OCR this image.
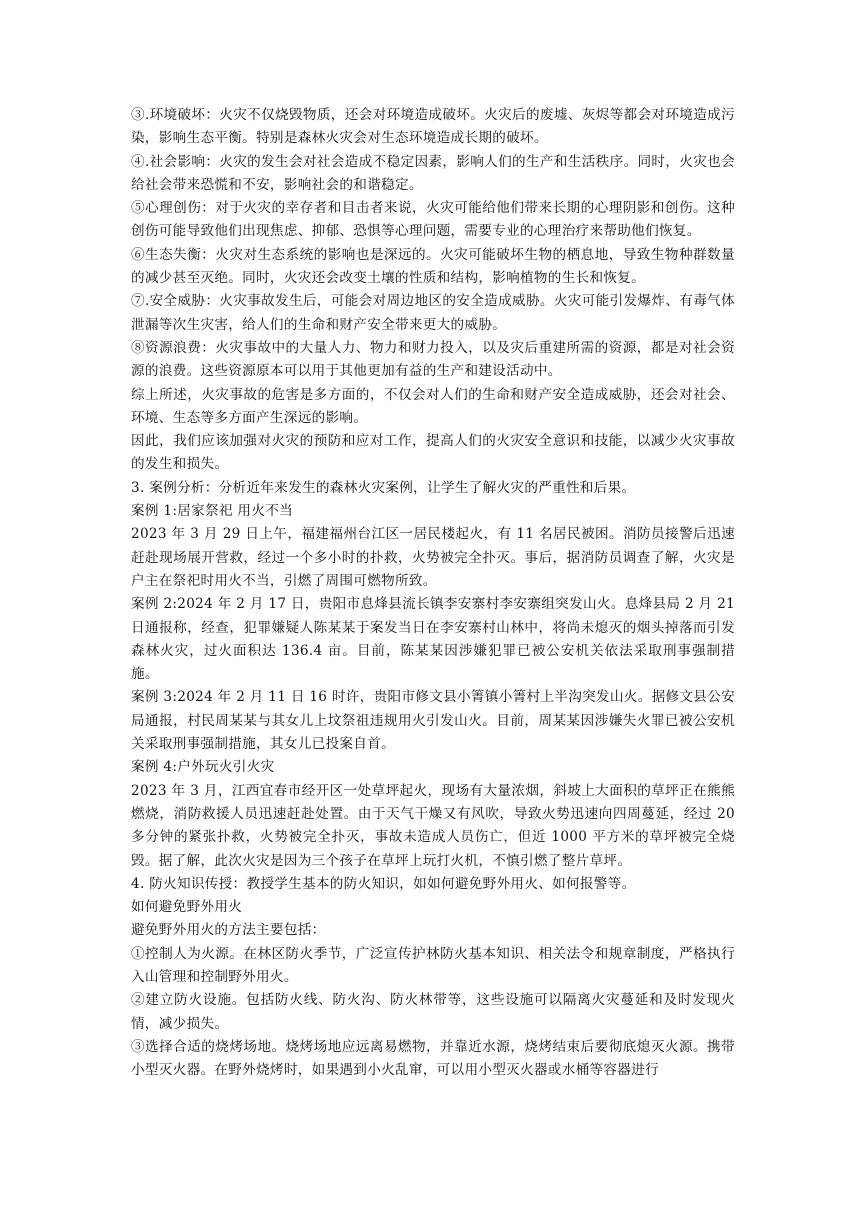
③.环境破坏：火灾不仅烧毁物质，还会对环境造成破坏。火灾后的废墟、灰烬等都会对环境造成污染，影响生态平衡。特别是森林火灾会对生态环境造成长期的破坏。

④.社会影响：火灾的发生会对社会造成不稳定因素，影响人们的生产和生活秩序。同时，火灾也会给社会带来恐慌和不安，影响社会的和谐稳定。

⑤心理创伤：对于火灾的幸存者和目击者来说，火灾可能给他们带来长期的心理阴影和创伤。这种创伤可能导致他们出现焦虑、抑郁、恐惧等心理问题，需要专业的心理治疗来帮助他们恢复。

⑥生态失衡：火灾对生态系统的影响也是深远的。火灾可能破坏生物的栖息地，导致生物种群数量的减少甚至灭绝。同时，火灾还会改变土壤的性质和结构，影响植物的生长和恢复。

⑦.安全威胁：火灾事故发生后，可能会对周边地区的安全造成威胁。火灾可能引发爆炸、有毒气体泄漏等次生灾害，给人们的生命和财产安全带来更大的威胁。

⑧资源浪费：火灾事故中的大量人力、物力和财力投入，以及灾后重建所需的资源，都是对社会资源的浪费。这些资源原本可以用于其他更加有益的生产和建设活动中。

综上所述，火灾事故的危害是多方面的，不仅会对人们的生命和财产安全造成威胁，还会对社会、环境、生态等多方面产生深远的影响。

因此，我们应该加强对火灾的预防和应对工作，提高人们的火灾安全意识和技能，以减少火灾事故的发生和损失。

3. 案例分析：分析近年来发生的森林火灾案例，让学生了解火灾的严重性和后果。

案例 1:居家祭祀 用火不当

2023 年 3 月 29 日上午，福建福州台江区一居民楼起火，有 11 名居民被困。消防员接警后迅速赶赴现场展开营救，经过一个多小时的扑救，火势被完全扑灭。事后，据消防员调查了解，火灾是户主在祭祀时用火不当，引燃了周围可燃物所致。

案例 2:2024 年 2 月 17 日，贵阳市息烽县流长镇李安寨村李安寨组突发山火。息烽县局 2 月 21 日通报称，经查，犯罪嫌疑人陈某某于案发当日在李安寨村山林中，将尚未熄灭的烟头掉落而引发森林火灾，过火面积达 136.4 亩。目前，陈某某因涉嫌犯罪已被公安机关依法采取刑事强制措施。

案例 3:2024 年 2 月 11 日 16 时许，贵阳市修文县小箐镇小箐村上半沟突发山火。据修文县公安局通报，村民周某某与其女儿上坟祭祖违规用火引发山火。目前，周某某因涉嫌失火罪已被公安机关采取刑事强制措施，其女儿已投案自首。

案例 4:户外玩火引火灾

2023 年 3 月，江西宜春市经开区一处草坪起火，现场有大量浓烟，斜坡上大面积的草坪正在熊熊燃烧，消防救援人员迅速赶赴处置。由于天气干燥又有风吹，导致火势迅速向四周蔓延，经过 20 多分钟的紧张扑救，火势被完全扑灭，事故未造成人员伤亡，但近 1000 平方米的草坪被完全烧毁。据了解，此次火灾是因为三个孩子在草坪上玩打火机，不慎引燃了整片草坪。

4. 防火知识传授：教授学生基本的防火知识，如如何避免野外用火、如何报警等。

如何避免野外用火

避免野外用火的方法主要包括：

①控制人为火源。在林区防火季节，广泛宣传护林防火基本知识、相关法令和规章制度，严格执行入山管理和控制野外用火。

②建立防火设施。包括防火线、防火沟、防火林带等，这些设施可以隔离火灾蔓延和及时发现火情，减少损失。

③选择合适的烧烤场地。烧烤场地应远离易燃物，并靠近水源，烧烤结束后要彻底熄灭火源。携带小型灭火器。在野外烧烤时，如果遇到小火乱窜，可以用小型灭火器或水桶等容器进行
